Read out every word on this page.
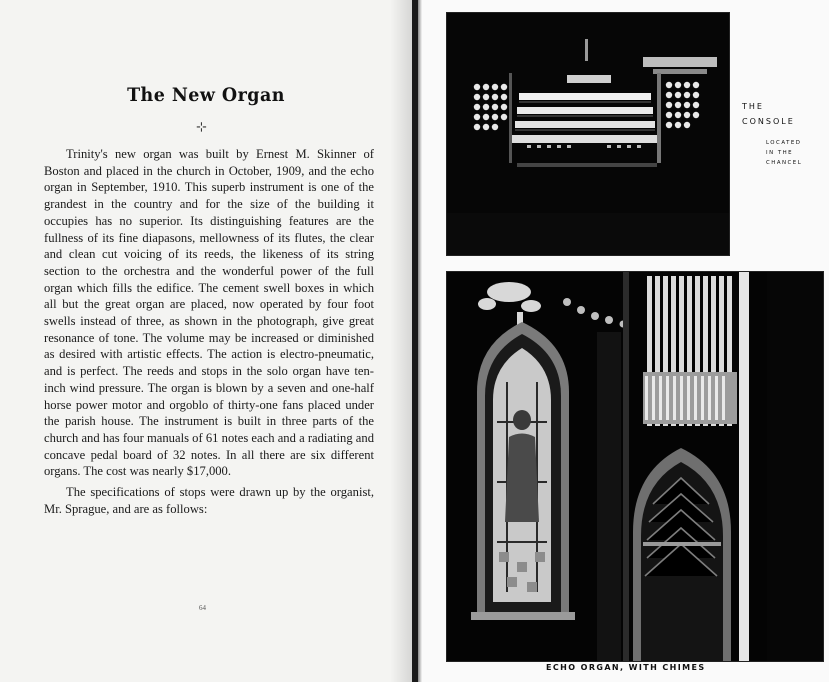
The New Organ
⊹

Trinity's new organ was built by Ernest M. Skinner of Boston and placed in the church in October, 1909, and the echo organ in September, 1910. This superb instrument is one of the grandest in the country and for the size of the building it occupies has no superior. Its distinguishing features are the fullness of its fine diapasons, mellowness of its flutes, the clear and clean cut voicing of its reeds, the likeness of its string section to the orchestra and the wonderful power of the full organ which fills the edifice. The cement swell boxes in which all but the great organ are placed, now operated by four foot swells instead of three, as shown in the photograph, give great resonance of tone. The volume may be increased or diminished as desired with artistic effects. The action is electro-pneumatic, and is perfect. The reeds and stops in the solo organ have ten-inch wind pressure. The organ is blown by a seven and one-half horse power motor and orgoblo of thirty-one fans placed under the parish house. The instrument is built in three parts of the church and has four manuals of 61 notes each and a radiating and concave pedal board of 32 notes. In all there are six different organs. The cost was nearly $17,000.

The specifications of stops were drawn up by the organist, Mr. Sprague, and are as follows:

64
THE
CONSOLE
LOCATED
IN THE
CHANCEL
ECHO ORGAN, WITH CHIMES
